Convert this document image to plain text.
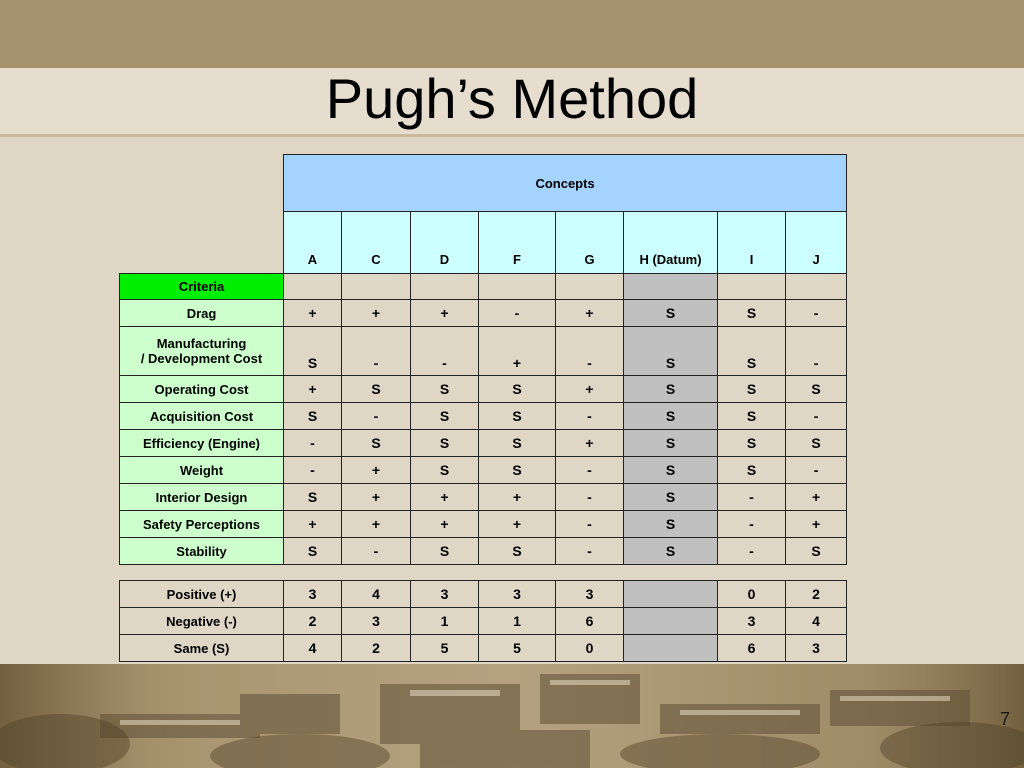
Pugh’s Method
	Concepts							
	A	C	D	F	G	H (Datum)	I	J
Criteria								
Drag	+	+	+	-	+	S	S	-
Manufacturing
/ Development Cost	S	-	-	+	-	S	S	-
Operating Cost	+	S	S	S	+	S	S	S
Acquisition Cost	S	-	S	S	-	S	S	-
Efficiency (Engine)	-	S	S	S	+	S	S	S
Weight	-	+	S	S	-	S	S	-
Interior Design	S	+	+	+	-	S	-	+
Safety Perceptions	+	+	+	+	-	S	-	+
Stability	S	-	S	S	-	S	-	S
Positive (+)	3	4	3	3	3		0	2
Negative (-)	2	3	1	1	6		3	4
Same (S)	4	2	5	5	0		6	3
7
